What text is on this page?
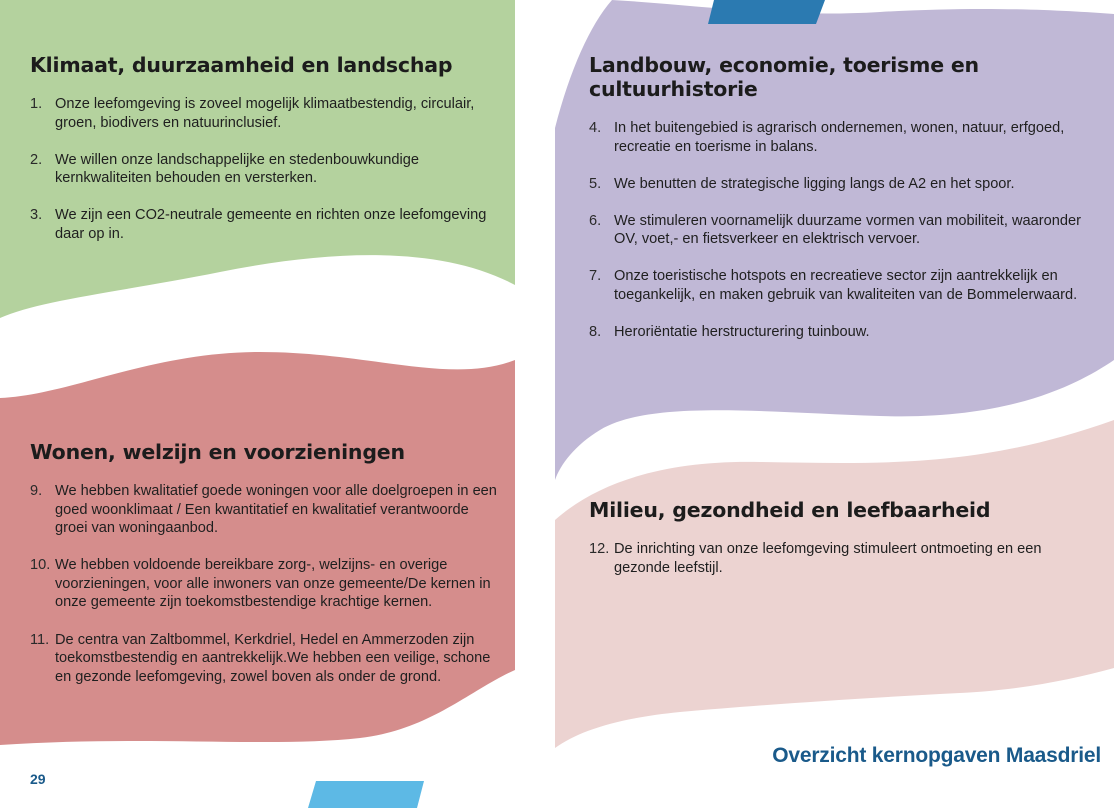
Klimaat, duurzaamheid en landschap
1. Onze leefomgeving is zoveel mogelijk klimaatbestendig, circulair, groen, biodivers en natuurinclusief.
2. We willen onze landschappelijke en stedenbouwkundige kernkwaliteiten behouden en versterken.
3. We zijn een CO2-neutrale gemeente en richten onze leefomgeving daar op in.
Landbouw, economie, toerisme en cultuurhistorie
4. In het buitengebied is agrarisch ondernemen, wonen, natuur, erfgoed, recreatie en toerisme in balans.
5. We benutten de strategische ligging langs de A2 en het spoor.
6. We stimuleren voornamelijk duurzame vormen van mobiliteit, waaronder OV, voet,- en fietsverkeer en elektrisch vervoer.
7. Onze toeristische hotspots en recreatieve sector zijn aantrekkelijk en toegankelijk, en maken gebruik van kwaliteiten van de Bommelerwaard.
8. Heroriëntatie herstructurering tuinbouw.
Wonen, welzijn en voorzieningen
9. We hebben kwalitatief goede woningen voor alle doelgroepen in een goed woonklimaat / Een kwantitatief en kwalitatief verantwoorde groei van woningaanbod.
10. We hebben voldoende bereikbare zorg-, welzijns- en overige voorzieningen, voor alle inwoners van onze gemeente/De kernen in onze gemeente zijn toekomstbestendige krachtige kernen.
11. De centra van Zaltbommel, Kerkdriel, Hedel en Ammerzoden zijn toekomstbestendig en aantrekkelijk.We hebben een veilige, schone en gezonde leefomgeving, zowel boven als onder de grond.
Milieu, gezondheid en leefbaarheid
12. De inrichting van onze leefomgeving stimuleert ontmoeting en een gezonde leefstijl.
29
Overzicht kernopgaven Maasdriel
